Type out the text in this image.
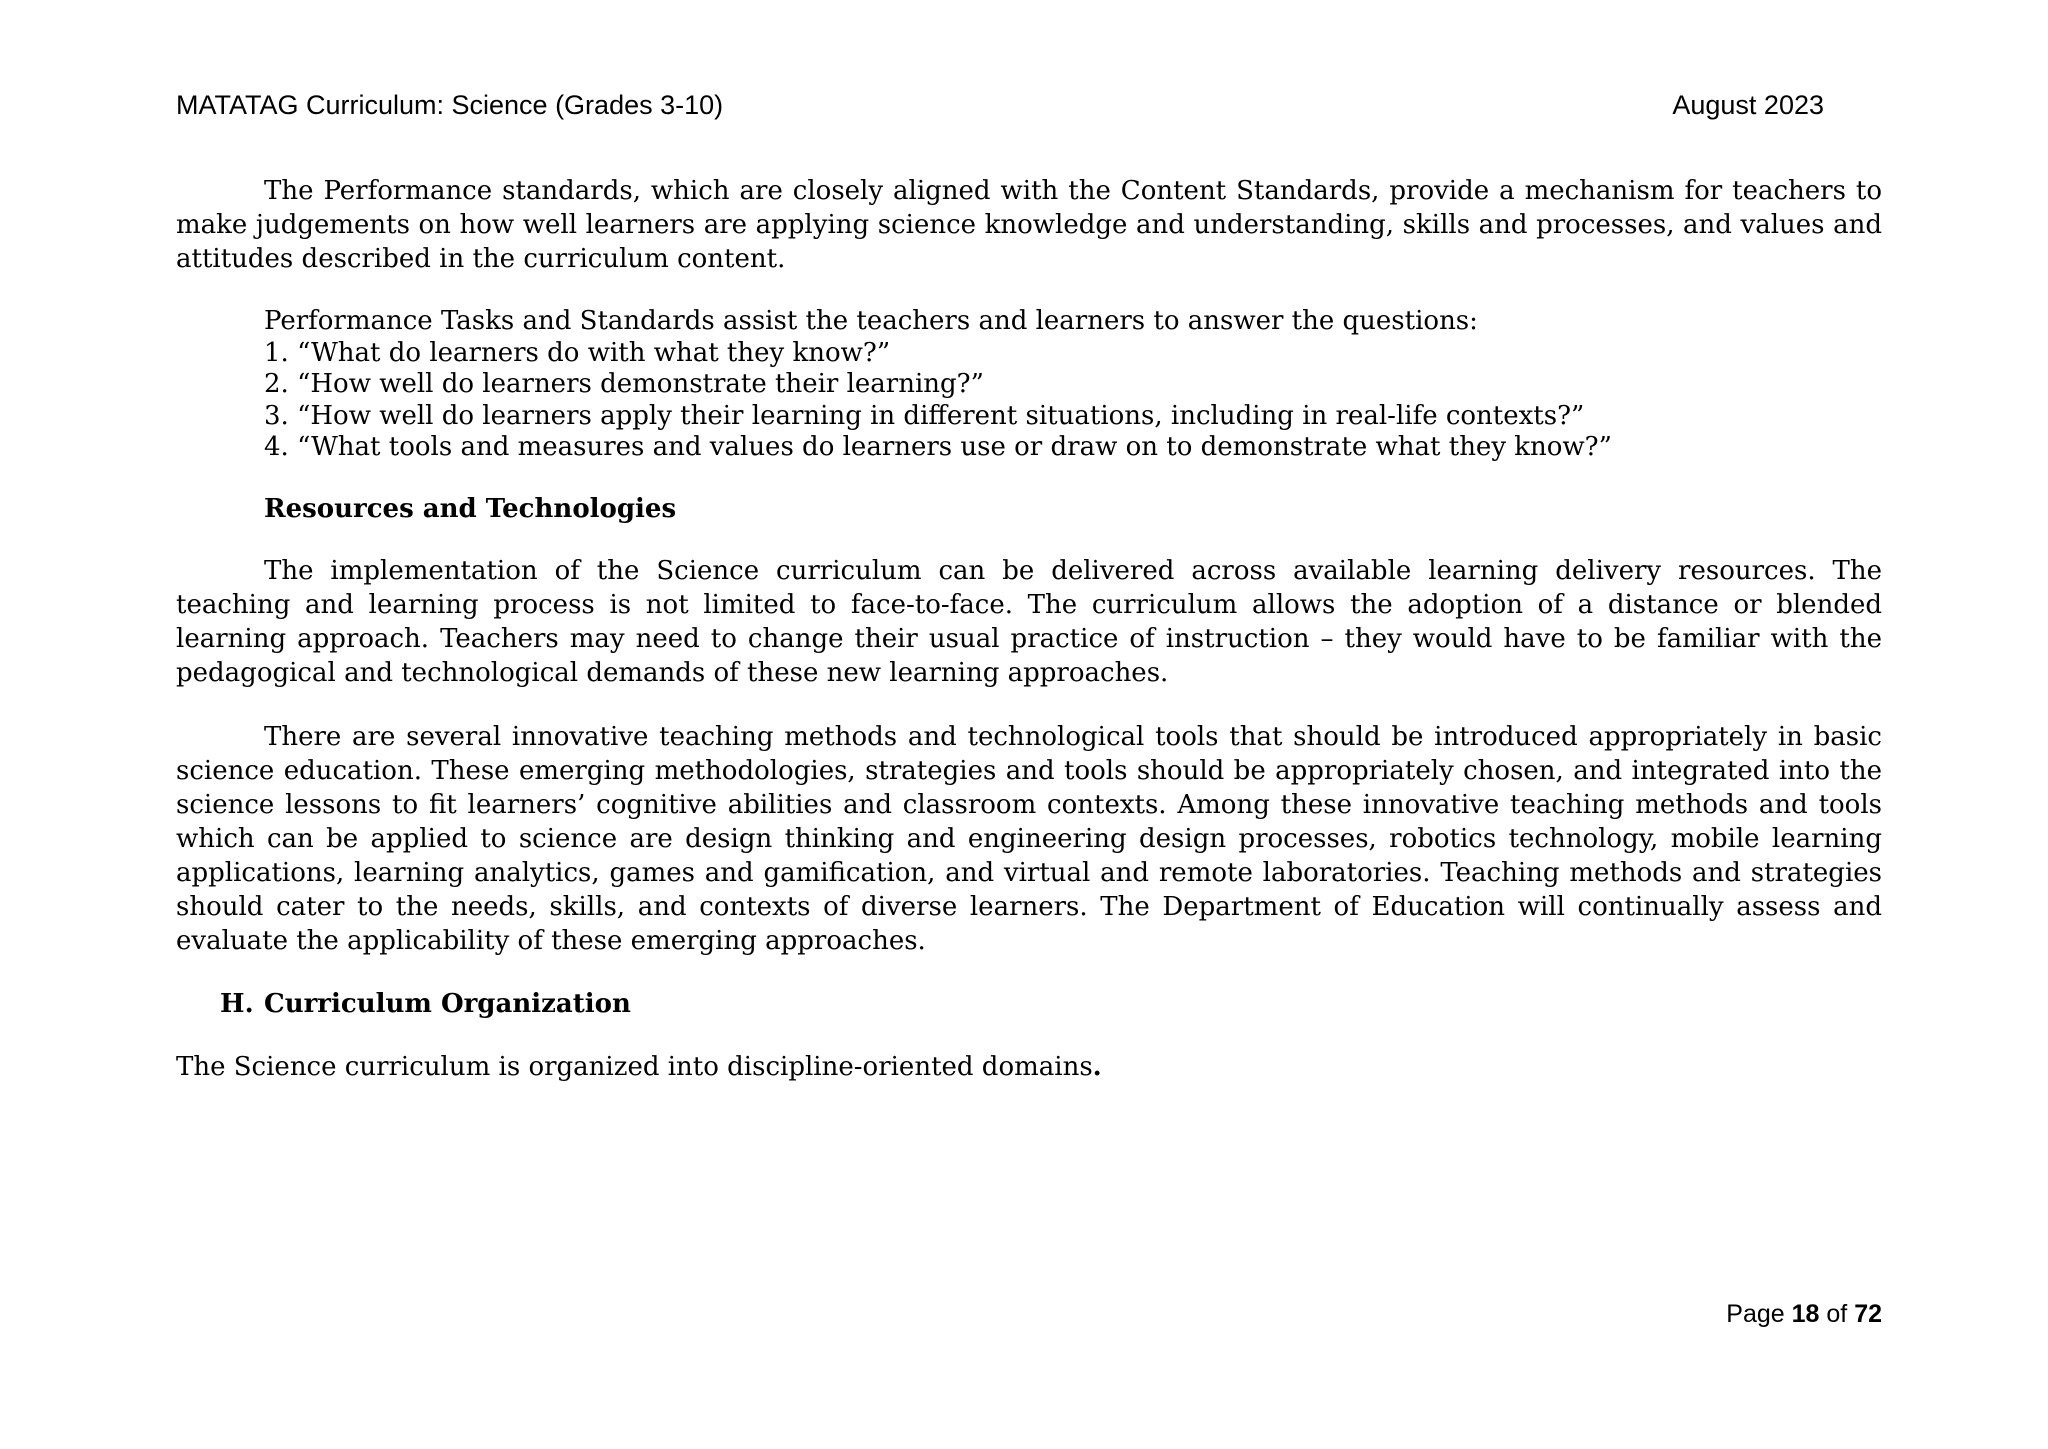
MATATAG Curriculum: Science (Grades 3-10)	August 2023

The Performance standards, which are closely aligned with the Content Standards, provide a mechanism for teachers to make judgements on how well learners are applying science knowledge and understanding, skills and processes, and values and attitudes described in the curriculum content.

Performance Tasks and Standards assist the teachers and learners to answer the questions:

1. “What do learners do with what they know?”

2. “How well do learners demonstrate their learning?”

3. “How well do learners apply their learning in different situations, including in real-life contexts?”

4. “What tools and measures and values do learners use or draw on to demonstrate what they know?”

Resources and Technologies

The implementation of the Science curriculum can be delivered across available learning delivery resources. The teaching and learning process is not limited to face-to-face. The curriculum allows the adoption of a distance or blended learning approach. Teachers may need to change their usual practice of instruction – they would have to be familiar with the pedagogical and technological demands of these new learning approaches.

There are several innovative teaching methods and technological tools that should be introduced appropriately in basic science education. These emerging methodologies, strategies and tools should be appropriately chosen, and integrated into the science lessons to fit learners’ cognitive abilities and classroom contexts. Among these innovative teaching methods and tools which can be applied to science are design thinking and engineering design processes, robotics technology, mobile learning applications, learning analytics, games and gamification, and virtual and remote laboratories. Teaching methods and strategies should cater to the needs, skills, and contexts of diverse learners. The Department of Education will continually assess and evaluate the applicability of these emerging approaches.

H. Curriculum Organization

The Science curriculum is organized into discipline-oriented domains.

Page 18 of 72
